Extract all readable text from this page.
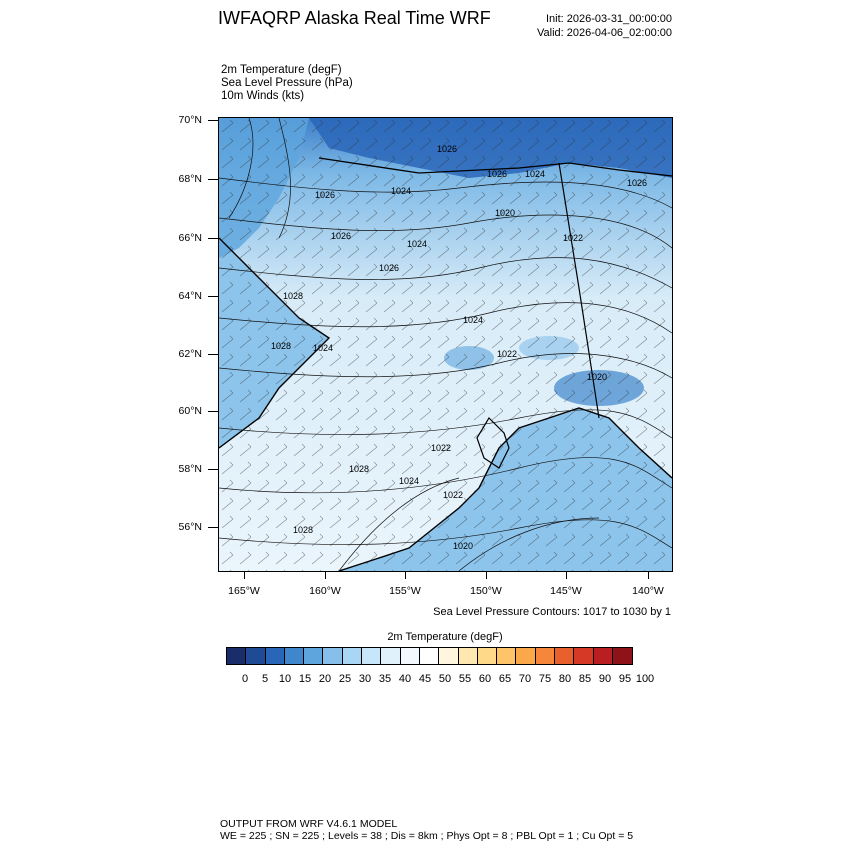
IWFAQRP Alaska Real Time WRF	Init: 2026-03-31_00:00:00
Valid: 2026-04-06_02:00:00
2m Temperature (degF)
Sea Level Pressure (hPa)
10m Winds (kts)
1026
1024
1026
1026 1024
1026
1026
1024
1022
1024
1026
1028
1028
1022
1020
1022
1024
1028
1024
1022
1028
1020
1020
70°N
68°N
66°N
64°N
62°N
60°N
58°N
56°N
165°W	160°W	155°W	150°W	145°W	140°W
Sea Level Pressure Contours: 1017 to 1030 by 1
2m Temperature (degF)
0 5 10 15 20 25 30 35 40 45 50 55 60 65 70 75 80 85 90 95 100
OUTPUT FROM WRF V4.6.1 MODEL
WE = 225 ; SN = 225 ; Levels = 38 ; Dis = 8km ; Phys Opt = 8 ; PBL Opt = 1 ; Cu Opt = 5
